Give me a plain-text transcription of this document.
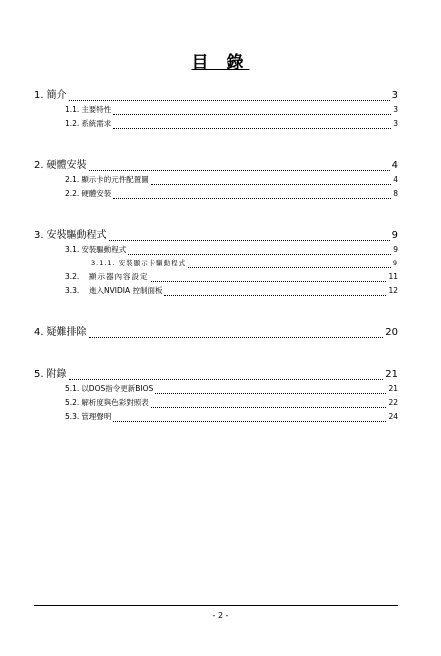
目 錄
1. 簡介	3
1.1. 主要特性	3
1.2. 系統需求	3
2. 硬體安裝	4
2.1. 顯示卡的元件配置圖	4
2.2. 硬體安裝	8
3. 安裝驅動程式	9
3.1. 安裝驅動程式	9
3.1.1. 安裝顯示卡驅動程式	9
3.2.	顯示器內容設定	11
3.3.	進入NVIDIA 控制面板	12
4. 疑難排除	20
5. 附錄	21
5.1. 以DOS指令更新BIOS	21
5.2. 解析度與色彩對照表	22
5.3. 管理聲明	24
- 2 -
